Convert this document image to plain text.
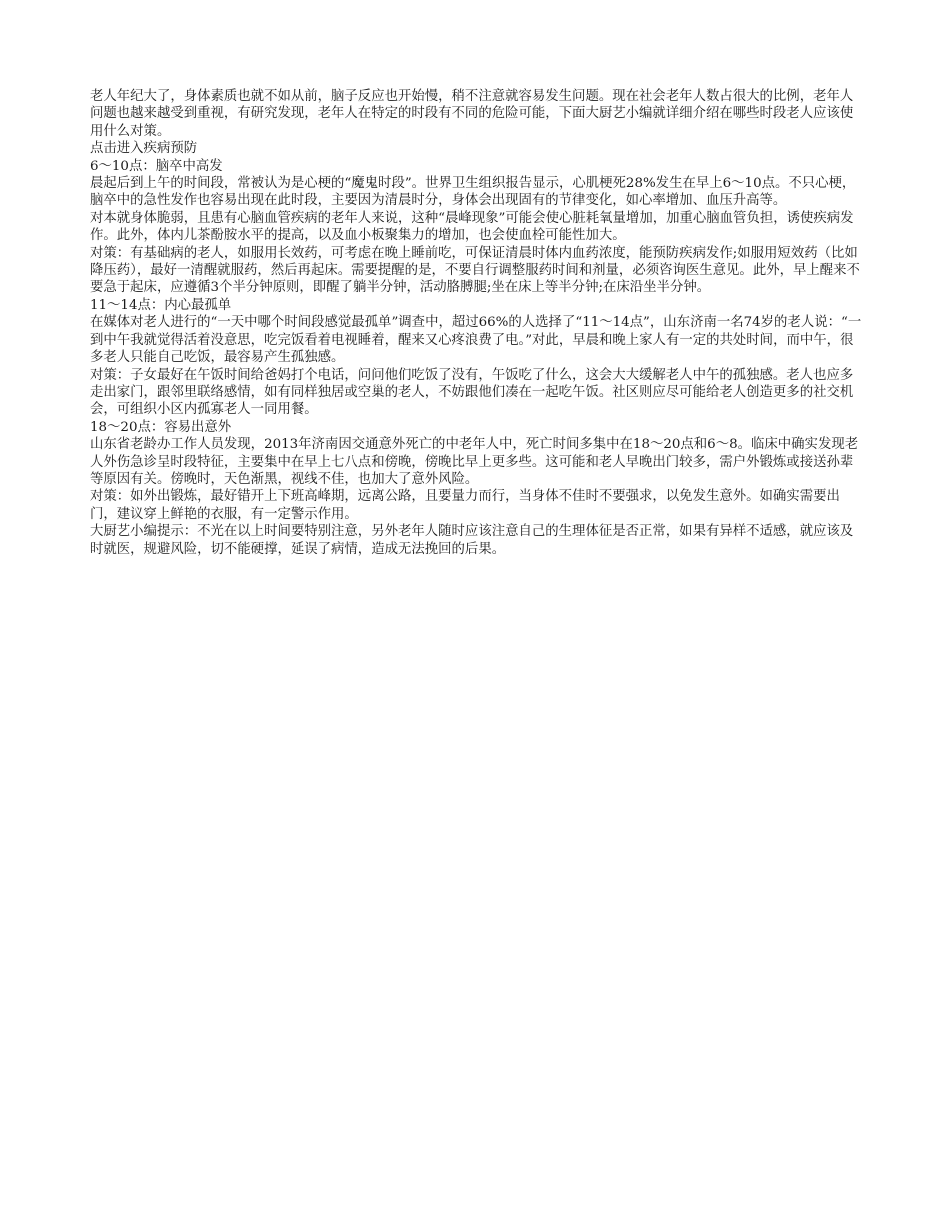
老人年纪大了，身体素质也就不如从前，脑子反应也开始慢，稍不注意就容易发生问题。现在社会老年人数占很大的比例，老年人问题也越来越受到重视，有研究发现，老年人在特定的时段有不同的危险可能，下面大厨艺小编就详细介绍在哪些时段老人应该使用什么对策。

点击进入疾病预防

6～10点：脑卒中高发

晨起后到上午的时间段，常被认为是心梗的“魔鬼时段”。世界卫生组织报告显示，心肌梗死28%发生在早上6～10点。不只心梗，脑卒中的急性发作也容易出现在此时段，主要因为清晨时分，身体会出现固有的节律变化，如心率增加、血压升高等。

对本就身体脆弱，且患有心脑血管疾病的老年人来说，这种“晨峰现象”可能会使心脏耗氧量增加，加重心脑血管负担，诱使疾病发作。此外，体内儿茶酚胺水平的提高，以及血小板聚集力的增加，也会使血栓可能性加大。

对策：有基础病的老人，如服用长效药，可考虑在晚上睡前吃，可保证清晨时体内血药浓度，能预防疾病发作;如服用短效药（比如降压药），最好一清醒就服药，然后再起床。需要提醒的是，不要自行调整服药时间和剂量，必须咨询医生意见。此外，早上醒来不要急于起床，应遵循3个半分钟原则，即醒了躺半分钟，活动胳膊腿;坐在床上等半分钟;在床沿坐半分钟。

11～14点：内心最孤单

在媒体对老人进行的“一天中哪个时间段感觉最孤单”调查中，超过66%的人选择了“11～14点”，山东济南一名74岁的老人说：“一到中午我就觉得活着没意思，吃完饭看着电视睡着，醒来又心疼浪费了电。”对此，早晨和晚上家人有一定的共处时间，而中午，很多老人只能自己吃饭，最容易产生孤独感。

对策：子女最好在午饭时间给爸妈打个电话，问问他们吃饭了没有，午饭吃了什么，这会大大缓解老人中午的孤独感。老人也应多走出家门，跟邻里联络感情，如有同样独居或空巢的老人，不妨跟他们凑在一起吃午饭。社区则应尽可能给老人创造更多的社交机会，可组织小区内孤寡老人一同用餐。

18～20点：容易出意外

山东省老龄办工作人员发现，2013年济南因交通意外死亡的中老年人中，死亡时间多集中在18～20点和6～8。临床中确实发现老人外伤急诊呈时段特征，主要集中在早上七八点和傍晚，傍晚比早上更多些。这可能和老人早晚出门较多，需户外锻炼或接送孙辈等原因有关。傍晚时，天色渐黑，视线不佳，也加大了意外风险。

对策：如外出锻炼，最好错开上下班高峰期，远离公路，且要量力而行，当身体不佳时不要强求，以免发生意外。如确实需要出门，建议穿上鲜艳的衣服，有一定警示作用。

大厨艺小编提示：不光在以上时间要特别注意，另外老年人随时应该注意自己的生理体征是否正常，如果有异样不适感，就应该及时就医，规避风险，切不能硬撑，延误了病情，造成无法挽回的后果。
